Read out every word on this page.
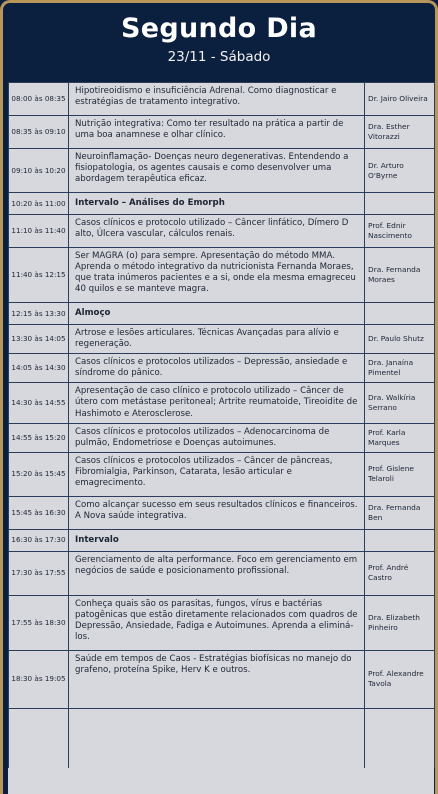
Segundo Dia
23/11 - Sábado
08:00 às 08:35	Hipotireoidismo e insuficiência Adrenal. Como diagnosticar e estratégias de tratamento integrativo.	Dr. Jairo Oliveira
08:35 às 09:10	Nutrição integrativa: Como ter resultado na prática a partir de uma boa anamnese e olhar clínico.	Dra. Esther Vitorazzi
09:10 às 10:20	Neuroinflamação- Doenças neuro degenerativas. Entendendo a fisiopatologia, os agentes causais e como desenvolver uma abordagem terapêutica eficaz.	Dr. Arturo O'Byrne
10:20 às 11:00	Intervalo – Análises do Emorph	
11:10 às 11:40	Casos clínicos e protocolo utilizado – Câncer linfático, Dímero D alto, Úlcera vascular, cálculos renais.	Prof. Ednir Nascimento
11:40 às 12:15	Ser MAGRA (o) para sempre. Apresentação do método MMA. Aprenda o método integrativo da nutricionista Fernanda Moraes, que trata inúmeros pacientes e a si, onde ela mesma emagreceu 40 quilos e se manteve magra.	Dra. Fernanda Moraes
12:15 às 13:30	Almoço	
13:30 às 14:05	Artrose e lesões articulares. Técnicas Avançadas para alívio e regeneração.	Dr. Paulo Shutz
14:05 às 14:30	Casos clínicos e protocolos utilizados – Depressão, ansiedade e síndrome do pânico.	Dra. Janaína Pimentel
14:30 às 14:55	Apresentação de caso clínico e protocolo utilizado – Câncer de útero com metástase peritoneal; Artrite reumatoide, Tireoidite de Hashimoto e Aterosclerose.	Dra. Walkíria Serrano
14:55 às 15:20	Casos clínicos e protocolos utilizados – Adenocarcinoma de pulmão, Endometriose e Doenças autoimunes.	Prof. Karla Marques
15:20 às 15:45	Casos clínicos e protocolos utilizados – Câncer de pâncreas, Fibromialgia, Parkinson, Catarata, lesão articular e emagrecimento.	Prof. Gislene Telaroli
15:45 às 16:30	Como alcançar sucesso em seus resultados clínicos e financeiros. A Nova saúde integrativa.	Dra. Fernanda Ben
16:30 às 17:30	Intervalo	
17:30 às 17:55	Gerenciamento de alta performance. Foco em gerenciamento em negócios de saúde e posicionamento profissional.	Prof. André Castro
17:55 às 18:30	Conheça quais são os parasitas, fungos, vírus e bactérias patogênicas que estão diretamente relacionados com quadros de Depressão, Ansiedade, Fadiga e Autoimunes. Aprenda a eliminá-los.	Dra. Elizabeth Pinheiro
18:30 às 19:05	Saúde em tempos de Caos - Estratégias biofísicas no manejo do grafeno, proteína Spike, Herv K e outros.	Prof. Alexandre Tavola
